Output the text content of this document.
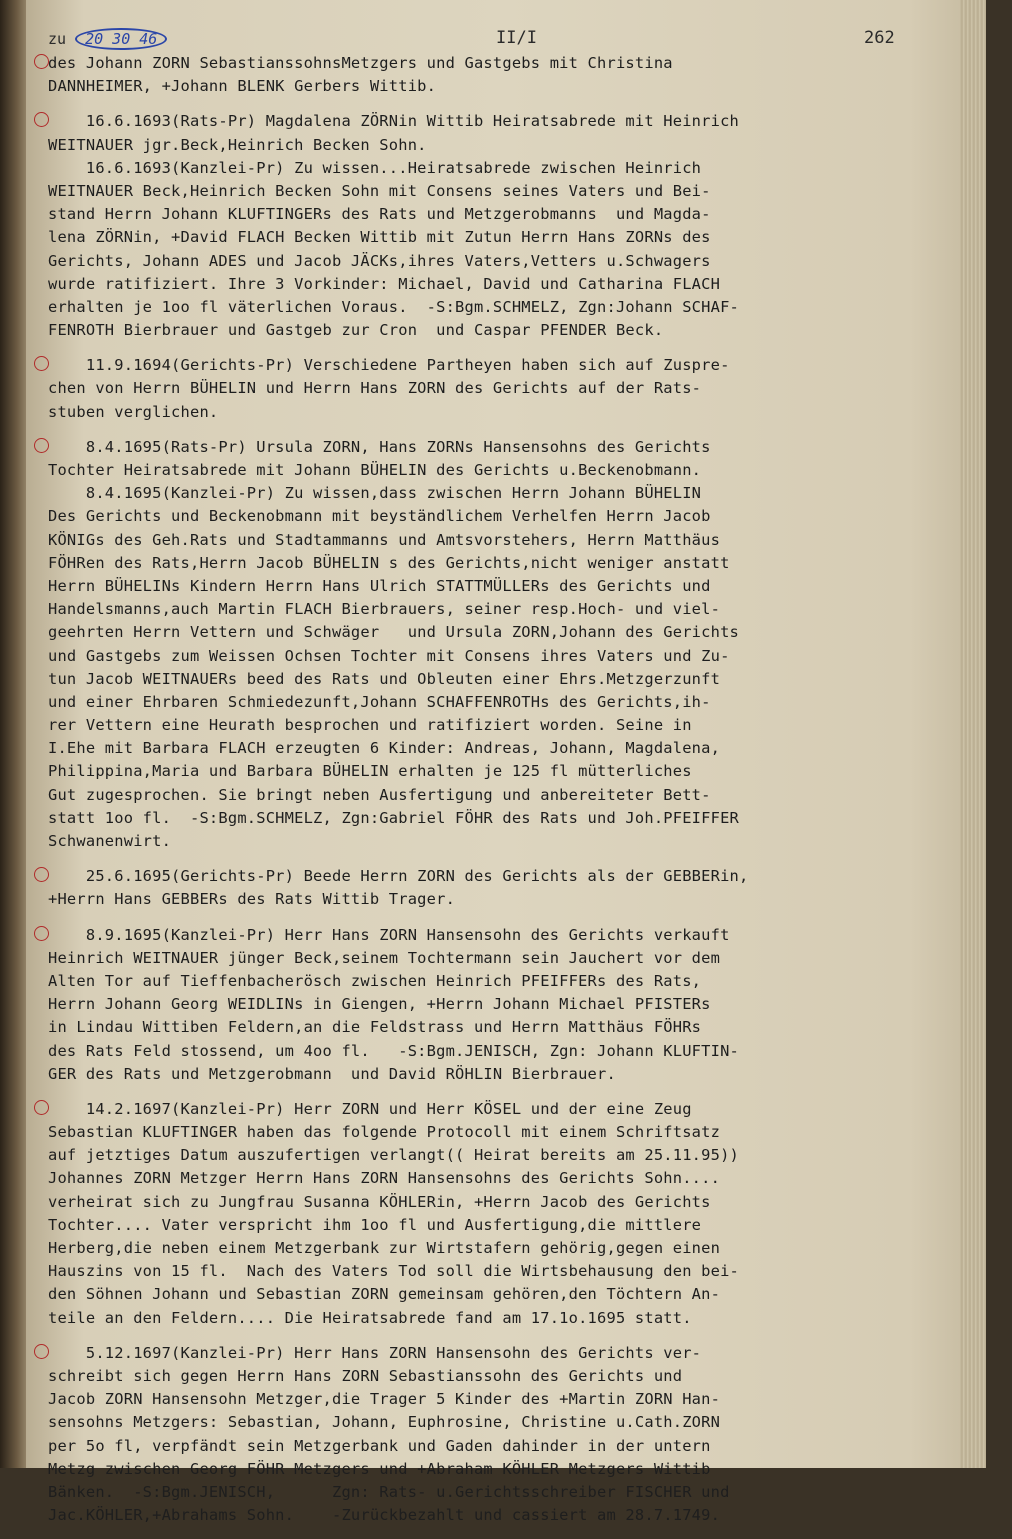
zu 20 30 46	II/I	262
des Johann ZORN SebastianssohnsMetzgers und Gastgebs mit Christina
DANNHEIMER, +Johann BLENK Gerbers Wittib.
16.6.1693(Rats-Pr) Magdalena ZÖRNin Wittib Heiratsabrede mit Heinrich
WEITNAUER jgr.Beck,Heinrich Becken Sohn.
16.6.1693(Kanzlei-Pr) Zu wissen...Heiratsabrede zwischen Heinrich
WEITNAUER Beck,Heinrich Becken Sohn mit Consens seines Vaters und Bei-
stand Herrn Johann KLUFTINGERs des Rats und Metzgerobmanns  und Magda-
lena ZÖRNin, +David FLACH Becken Wittib mit Zutun Herrn Hans ZORNs des
Gerichts, Johann ADES und Jacob JÄCKs,ihres Vaters,Vetters u.Schwagers
wurde ratifiziert. Ihre 3 Vorkinder: Michael, David und Catharina FLACH
erhalten je 1oo fl väterlichen Voraus.  -S:Bgm.SCHMELZ, Zgn:Johann SCHAF-
FENROTH Bierbrauer und Gastgeb zur Cron  und Caspar PFENDER Beck.
11.9.1694(Gerichts-Pr) Verschiedene Partheyen haben sich auf Zuspre-
chen von Herrn BÜHELIN und Herrn Hans ZORN des Gerichts auf der Rats-
stuben verglichen.
8.4.1695(Rats-Pr) Ursula ZORN, Hans ZORNs Hansensohns des Gerichts
Tochter Heiratsabrede mit Johann BÜHELIN des Gerichts u.Beckenobmann.
8.4.1695(Kanzlei-Pr) Zu wissen,dass zwischen Herrn Johann BÜHELIN
Des Gerichts und Beckenobmann mit beyständlichem Verhelfen Herrn Jacob
KÖNIGs des Geh.Rats und Stadtammanns und Amtsvorstehers, Herrn Matthäus
FÖHRen des Rats,Herrn Jacob BÜHELIN s des Gerichts,nicht weniger anstatt
Herrn BÜHELINs Kindern Herrn Hans Ulrich STATTMÜLLERs des Gerichts und
Handelsmanns,auch Martin FLACH Bierbrauers, seiner resp.Hoch- und viel-
geehrten Herrn Vettern und Schwäger   und Ursula ZORN,Johann des Gerichts
und Gastgebs zum Weissen Ochsen Tochter mit Consens ihres Vaters und Zu-
tun Jacob WEITNAUERs beed des Rats und Obleuten einer Ehrs.Metzgerzunft
und einer Ehrbaren Schmiedezunft,Johann SCHAFFENROTHs des Gerichts,ih-
rer Vettern eine Heurath besprochen und ratifiziert worden. Seine in
I.Ehe mit Barbara FLACH erzeugten 6 Kinder: Andreas, Johann, Magdalena,
Philippina,Maria und Barbara BÜHELIN erhalten je 125 fl mütterliches
Gut zugesprochen. Sie bringt neben Ausfertigung und anbereiteter Bett-
statt 1oo fl.  -S:Bgm.SCHMELZ, Zgn:Gabriel FÖHR des Rats und Joh.PFEIFFER
Schwanenwirt.
25.6.1695(Gerichts-Pr) Beede Herrn ZORN des Gerichts als der GEBBERin,
+Herrn Hans GEBBERs des Rats Wittib Trager.
8.9.1695(Kanzlei-Pr) Herr Hans ZORN Hansensohn des Gerichts verkauft
Heinrich WEITNAUER jünger Beck,seinem Tochtermann sein Jauchert vor dem
Alten Tor auf Tieffenbacherösch zwischen Heinrich PFEIFFERs des Rats,
Herrn Johann Georg WEIDLINs in Giengen, +Herrn Johann Michael PFISTERs
in Lindau Wittiben Feldern,an die Feldstrass und Herrn Matthäus FÖHRs
des Rats Feld stossend, um 4oo fl.   -S:Bgm.JENISCH, Zgn: Johann KLUFTIN-
GER des Rats und Metzgerobmann  und David RÖHLIN Bierbrauer.
14.2.1697(Kanzlei-Pr) Herr ZORN und Herr KÖSEL und der eine Zeug
Sebastian KLUFTINGER haben das folgende Protocoll mit einem Schriftsatz
auf jetztiges Datum auszufertigen verlangt(( Heirat bereits am 25.11.95))
Johannes ZORN Metzger Herrn Hans ZORN Hansensohns des Gerichts Sohn....
verheirat sich zu Jungfrau Susanna KÖHLERin, +Herrn Jacob des Gerichts
Tochter.... Vater verspricht ihm 1oo fl und Ausfertigung,die mittlere
Herberg,die neben einem Metzgerbank zur Wirtstafern gehörig,gegen einen
Hauszins von 15 fl.  Nach des Vaters Tod soll die Wirtsbehausung den bei-
den Söhnen Johann und Sebastian ZORN gemeinsam gehören,den Töchtern An-
teile an den Feldern.... Die Heiratsabrede fand am 17.1o.1695 statt.
5.12.1697(Kanzlei-Pr) Herr Hans ZORN Hansensohn des Gerichts ver-
schreibt sich gegen Herrn Hans ZORN Sebastianssohn des Gerichts und
Jacob ZORN Hansensohn Metzger,die Trager 5 Kinder des +Martin ZORN Han-
sensohns Metzgers: Sebastian, Johann, Euphrosine, Christine u.Cath.ZORN
per 5o fl, verpfändt sein Metzgerbank und Gaden dahinder in der untern
Metzg zwischen Georg FÖHR Metzgers und +Abraham KÖHLER Metzgers Wittib
Bänken.  -S:Bgm.JENISCH,      Zgn: Rats- u.Gerichtsschreiber FISCHER und
Jac.KÖHLER,+Abrahams Sohn.    -Zurückbezahlt und cassiert am 28.7.1749.
